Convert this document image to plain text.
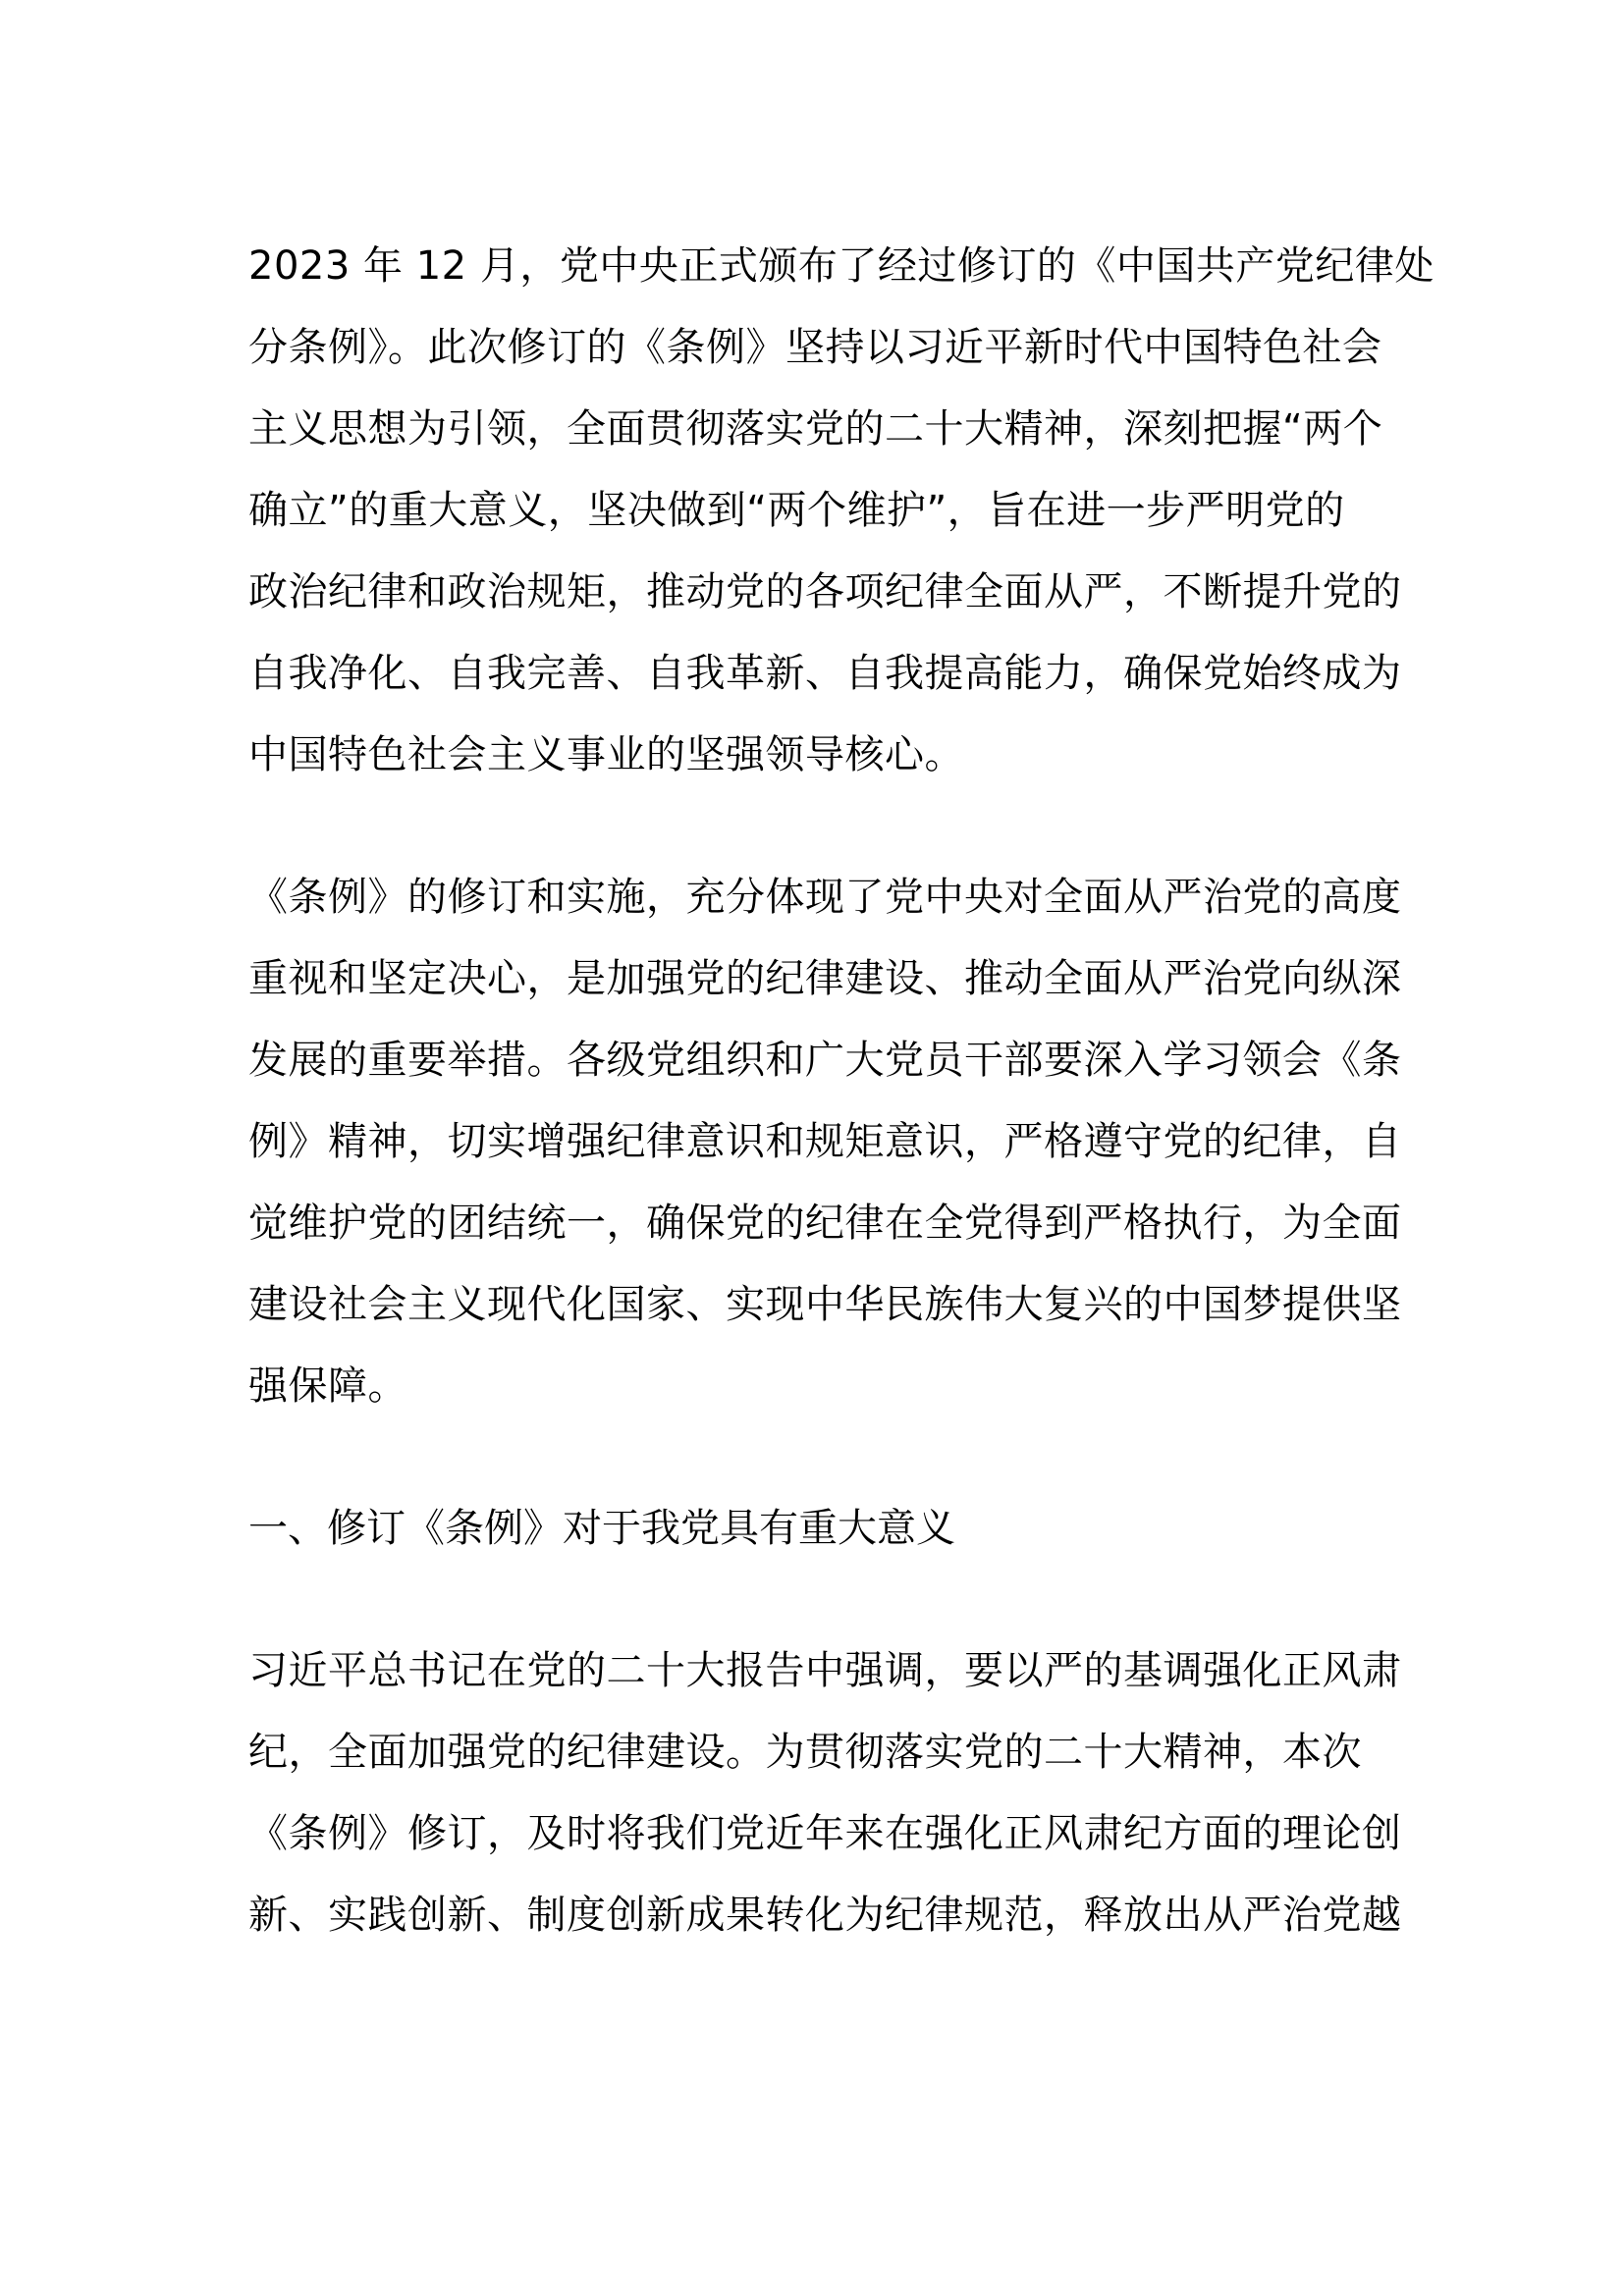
2023 年 12 月，党中央正式颁布了经过修订的《中国共产党纪律处
分条例》。此次修订的《条例》坚持以习近平新时代中国特色社会
主义思想为引领，全面贯彻落实党的二十大精神，深刻把握“两个
确立”的重大意义，坚决做到“两个维护”，旨在进一步严明党的
政治纪律和政治规矩，推动党的各项纪律全面从严，不断提升党的
自我净化、自我完善、自我革新、自我提高能力，确保党始终成为
中国特色社会主义事业的坚强领导核心。
《条例》的修订和实施，充分体现了党中央对全面从严治党的高度
重视和坚定决心，是加强党的纪律建设、推动全面从严治党向纵深
发展的重要举措。各级党组织和广大党员干部要深入学习领会《条
例》精神，切实增强纪律意识和规矩意识，严格遵守党的纪律，自
觉维护党的团结统一，确保党的纪律在全党得到严格执行，为全面
建设社会主义现代化国家、实现中华民族伟大复兴的中国梦提供坚
强保障。
一、修订《条例》对于我党具有重大意义
习近平总书记在党的二十大报告中强调，要以严的基调强化正风肃
纪，全面加强党的纪律建设。为贯彻落实党的二十大精神，本次
《条例》修订，及时将我们党近年来在强化正风肃纪方面的理论创
新、实践创新、制度创新成果转化为纪律规范，释放出从严治党越
